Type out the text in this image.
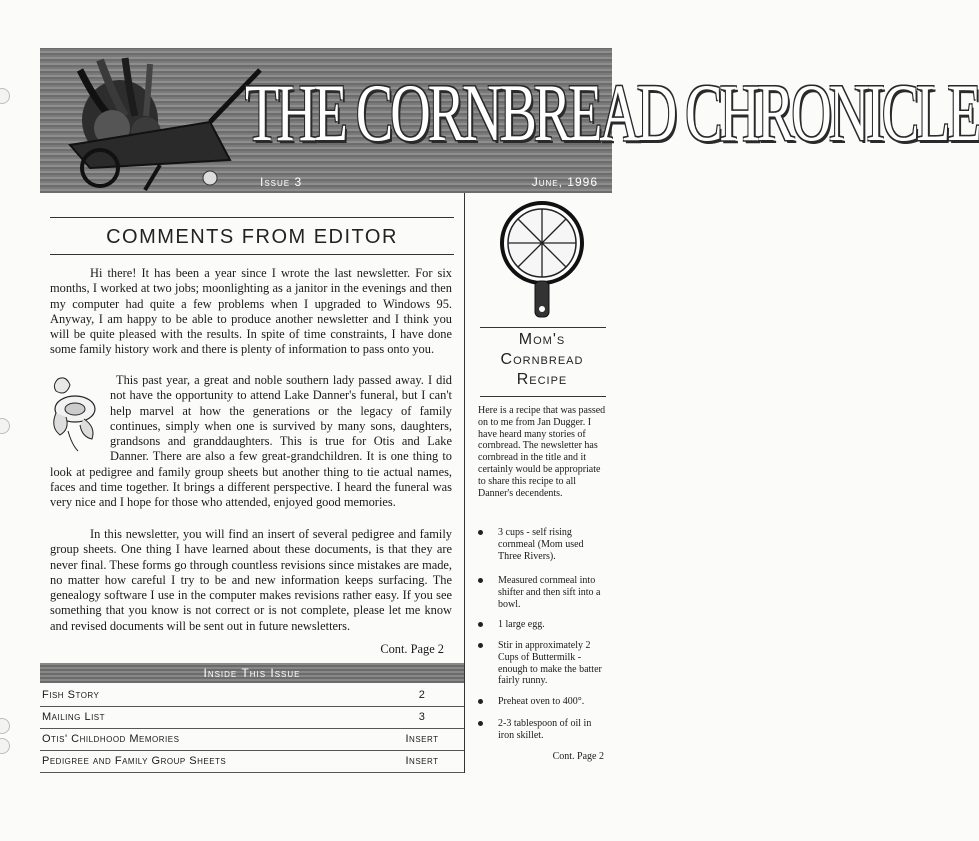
THE CORNBREAD CHRONICLE
Issue 3	June, 1996
COMMENTS FROM EDITOR

Hi there! It has been a year since I wrote the last newsletter. For six months, I worked at two jobs; moonlighting as a janitor in the evenings and then my computer had quite a few problems when I upgraded to Windows 95. Anyway, I am happy to be able to produce another newsletter and I think you will be quite pleased with the results. In spite of time constraints, I have done some family history work and there is plenty of information to pass onto you.

This past year, a great and noble southern lady passed away. I did not have the opportunity to attend Lake Danner's funeral, but I can't help marvel at how the generations or the legacy of family continues, simply when one is survived by many sons, daughters, grandsons and granddaughters. This is true for Otis and Lake Danner. There are also a few great-grandchildren. It is one thing to look at pedigree and family group sheets but another thing to tie actual names, faces and time together. It brings a different perspective. I heard the funeral was very nice and I hope for those who attended, enjoyed good memories.

In this newsletter, you will find an insert of several pedigree and family group sheets. One thing I have learned about these documents, is that they are never final. These forms go through countless revisions since mistakes are made, no matter how careful I try to be and new information keeps surfacing. The genealogy software I use in the computer makes revisions rather easy. If you see something that you know is not correct or is not complete, please let me know and revised documents will be sent out in future newsletters.

Cont. Page 2
Inside This Issue
Fish Story	2
Mailing List	3
Otis' Childhood Memories	Insert
Pedigree and Family Group Sheets	Insert
Mom's
Cornbread
Recipe

Here is a recipe that was passed on to me from Jan Dugger. I have heard many stories of cornbread. The newsletter has cornbread in the title and it certainly would be appropriate to share this recipe to all Danner's decendents.

3 cups - self rising cornmeal (Mom used Three Rivers).
Measured cornmeal into shifter and then sift into a bowl.
1 large egg.
Stir in approximately 2 Cups of Buttermilk - enough to make the batter fairly runny.
Preheat oven to 400°.
2-3 tablespoon of oil in iron skillet.
Cont. Page 2
